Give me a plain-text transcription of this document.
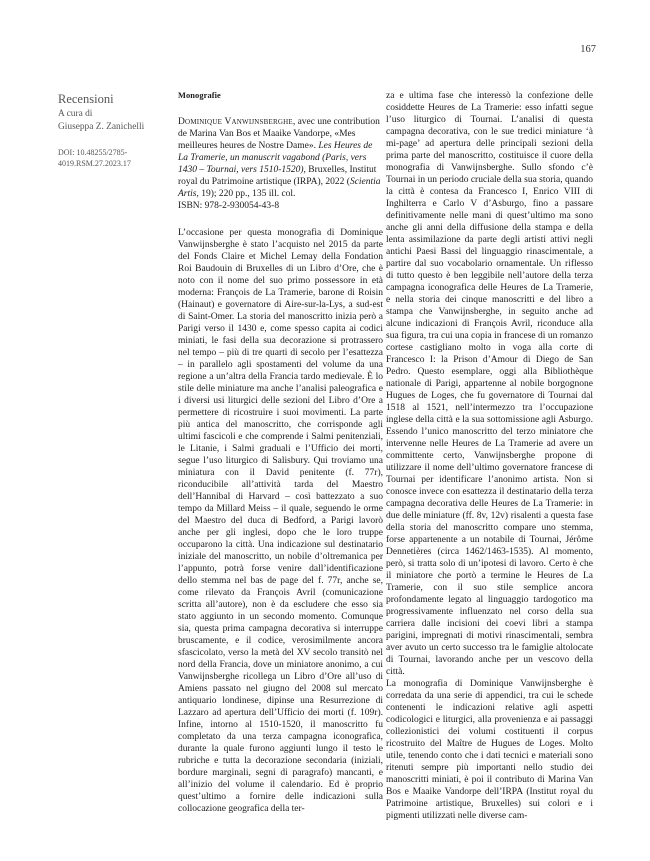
167
Recensioni
A cura di
Giuseppa Z. Zanichelli
DOI: 10.48255/2785-4019.RSM.27.2023.17
Monografie
Dominique Vanwijnsberghe, avec une contribution de Marina Van Bos et Maaike Vandorpe, «Mes meilleures heures de Nostre Dame». Les Heures de La Tramerie, un manuscrit vagabond (Paris, vers 1430 – Tournai, vers 1510-1520), Bruxelles, Institut royal du Patrimoine artistique (IRPA), 2022 (Scientia Artis, 19); 220 pp., 135 ill. col.
ISBN: 978-2-930054-43-8

L’occasione per questa monografia di Dominique Vanwijnsberghe è stato l’acquisto nel 2015 da parte del Fonds Claire et Michel Lemay della Fondation Roi Baudouin di Bruxelles di un Libro d’Ore, che è noto con il nome del suo primo possessore in età moderna: François de La Tramerie, barone di Roisin (Hainaut) e governatore di Aire-sur-la-Lys, a sud-est di Saint-Omer. La storia del manoscritto inizia però a Parigi verso il 1430 e, come spesso capita ai codici miniati, le fasi della sua decorazione si protrassero nel tempo – più di tre quarti di secolo per l’esattezza – in parallelo agli spostamenti del volume da una regione a un’altra della Francia tardo medievale. È lo stile delle miniature ma anche l’analisi paleografica e i diversi usi liturgici delle sezioni del Libro d’Ore a permettere di ricostruire i suoi movimenti. La parte più antica del manoscritto, che corrisponde agli ultimi fascicoli e che comprende i Salmi penitenziali, le Litanie, i Salmi graduali e l’Ufficio dei morti, segue l’uso liturgico di Salisbury. Qui troviamo una miniatura con il David penitente (f. 77r), riconducibile all’attività tarda del Maestro dell’Hannibal di Harvard – così battezzato a suo tempo da Millard Meiss – il quale, seguendo le orme del Maestro del duca di Bedford, a Parigi lavorò anche per gli inglesi, dopo che le loro truppe occuparono la città. Una indicazione sul destinatario iniziale del manoscritto, un nobile d’oltremanica per l’appunto, potrà forse venire dall’identificazione dello stemma nel bas de page del f. 77r, anche se, come rilevato da François Avril (comunicazione scritta all’autore), non è da escludere che esso sia stato aggiunto in un secondo momento. Comunque sia, questa prima campagna decorativa si interruppe bruscamente, e il codice, verosimilmente ancora sfascicolato, verso la metà del XV secolo transitò nel nord della Francia, dove un miniatore anonimo, a cui Vanwijnsberghe ricollega un Libro d’Ore all’uso di Amiens passato nel giugno del 2008 sul mercato antiquario londinese, dipinse una Resurrezione di Lazzaro ad apertura dell’Ufficio dei morti (f. 109r). Infine, intorno al 1510-1520, il manoscritto fu completato da una terza campagna iconografica, durante la quale furono aggiunti lungo il testo le rubriche e tutta la decorazione secondaria (iniziali, bordure marginali, segni di paragrafo) mancanti, e all’inizio del volume il calendario. Ed è proprio quest’ultimo a fornire delle indicazioni sulla collocazione geografica della ter-

za e ultima fase che interessò la confezione delle cosiddette Heures de La Tramerie: esso infatti segue l’uso liturgico di Tournai. L’analisi di questa campagna decorativa, con le sue tredici miniature ‘à mi-page’ ad apertura delle principali sezioni della prima parte del manoscritto, costituisce il cuore della monografia di Vanwijnsberghe. Sullo sfondo c’è Tournai in un periodo cruciale della sua storia, quando la città è contesa da Francesco I, Enrico VIII di Inghilterra e Carlo V d’Asburgo, fino a passare definitivamente nelle mani di quest’ultimo ma sono anche gli anni della diffusione della stampa e della lenta assimilazione da parte degli artisti attivi negli antichi Paesi Bassi del linguaggio rinascimentale, a partire dal suo vocabolario ornamentale. Un riflesso di tutto questo è ben leggibile nell’autore della terza campagna iconografica delle Heures de La Tramerie, e nella storia dei cinque manoscritti e del libro a stampa che Vanwijnsberghe, in seguito anche ad alcune indicazioni di François Avril, riconduce alla sua figura, tra cui una copia in francese di un romanzo cortese castigliano molto in voga alla corte di Francesco I: la Prison d’Amour di Diego de San Pedro. Questo esemplare, oggi alla Bibliothèque nationale di Parigi, appartenne al nobile borgognone Hugues de Loges, che fu governatore di Tournai dal 1518 al 1521, nell’intermezzo tra l’occupazione inglese della città e la sua sottomissione agli Asburgo. Essendo l’unico manoscritto del terzo miniatore che intervenne nelle Heures de La Tramerie ad avere un committente certo, Vanwijnsberghe propone di utilizzare il nome dell’ultimo governatore francese di Tournai per identificare l’anonimo artista. Non si conosce invece con esattezza il destinatario della terza campagna decorativa delle Heures de La Tramerie: in due delle miniature (ff. 8v, 12v) risalenti a questa fase della storia del manoscritto compare uno stemma, forse appartenente a un notabile di Tournai, Jérôme Dennetières (circa 1462/1463-1535). Al momento, però, si tratta solo di un’ipotesi di lavoro. Certo è che il miniatore che portò a termine le Heures de La Tramerie, con il suo stile semplice ancora profondamente legato al linguaggio tardogotico ma progressivamente influenzato nel corso della sua carriera dalle incisioni dei coevi libri a stampa parigini, impregnati di motivi rinascimentali, sembra aver avuto un certo successo tra le famiglie altolocate di Tournai, lavorando anche per un vescovo della città.

La monografia di Dominique Vanwijnsberghe è corredata da una serie di appendici, tra cui le schede contenenti le indicazioni relative agli aspetti codicologici e liturgici, alla provenienza e ai passaggi collezionistici dei volumi costituenti il corpus ricostruito del Maître de Hugues de Loges. Molto utile, tenendo conto che i dati tecnici e materiali sono ritenuti sempre più importanti nello studio dei manoscritti miniati, è poi il contributo di Marina Van Bos e Maaike Vandorpe dell’IRPA (Institut royal du Patrimoine artistique, Bruxelles) sui colori e i pigmenti utilizzati nelle diverse cam-
